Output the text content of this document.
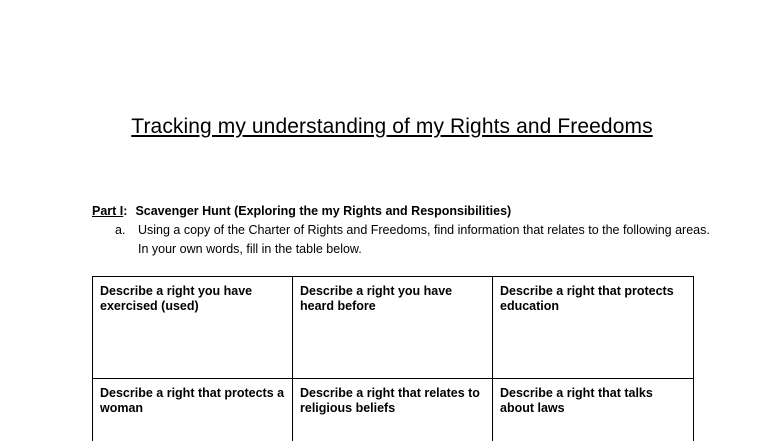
Tracking my understanding of my Rights and Freedoms
Part I: Scavenger Hunt (Exploring the my Rights and Responsibilities)
a.	Using a copy of the Charter of Rights and Freedoms, find information that relates to the following areas. In your own words, fill in the table below.
Describe a right you have exercised (used)	Describe a right you have heard before	Describe a right that protects education
Describe a right that protects a woman	Describe a right that relates to religious beliefs	Describe a right that talks about laws
